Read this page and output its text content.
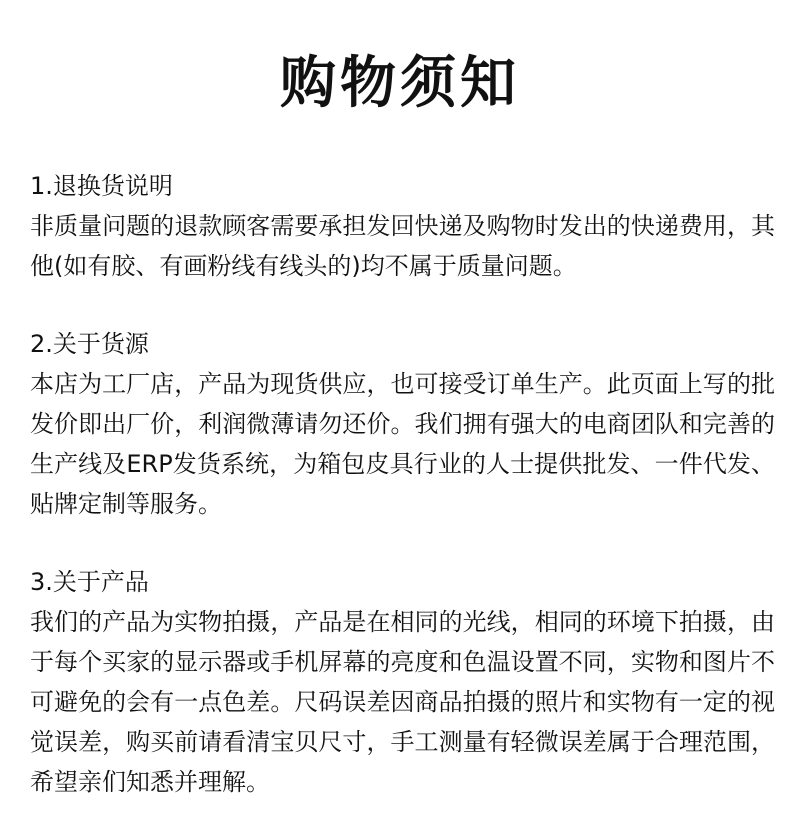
购物须知

1.退换货说明

非质量问题的退款顾客需要承担发回快递及购物时发出的快递费用，其他(如有胶、有画粉线有线头的)均不属于质量问题。

2.关于货源

本店为工厂店，产品为现货供应，也可接受订单生产。此页面上写的批发价即出厂价，利润微薄请勿还价。我们拥有强大的电商团队和完善的生产线及ERP发货系统，为箱包皮具行业的人士提供批发、一件代发、贴牌定制等服务。

3.关于产品

我们的产品为实物拍摄，产品是在相同的光线，相同的环境下拍摄，由于每个买家的显示器或手机屏幕的亮度和色温设置不同，实物和图片不可避免的会有一点色差。尺码误差因商品拍摄的照片和实物有一定的视觉误差，购买前请看清宝贝尺寸，手工测量有轻微误差属于合理范围，希望亲们知悉并理解。
